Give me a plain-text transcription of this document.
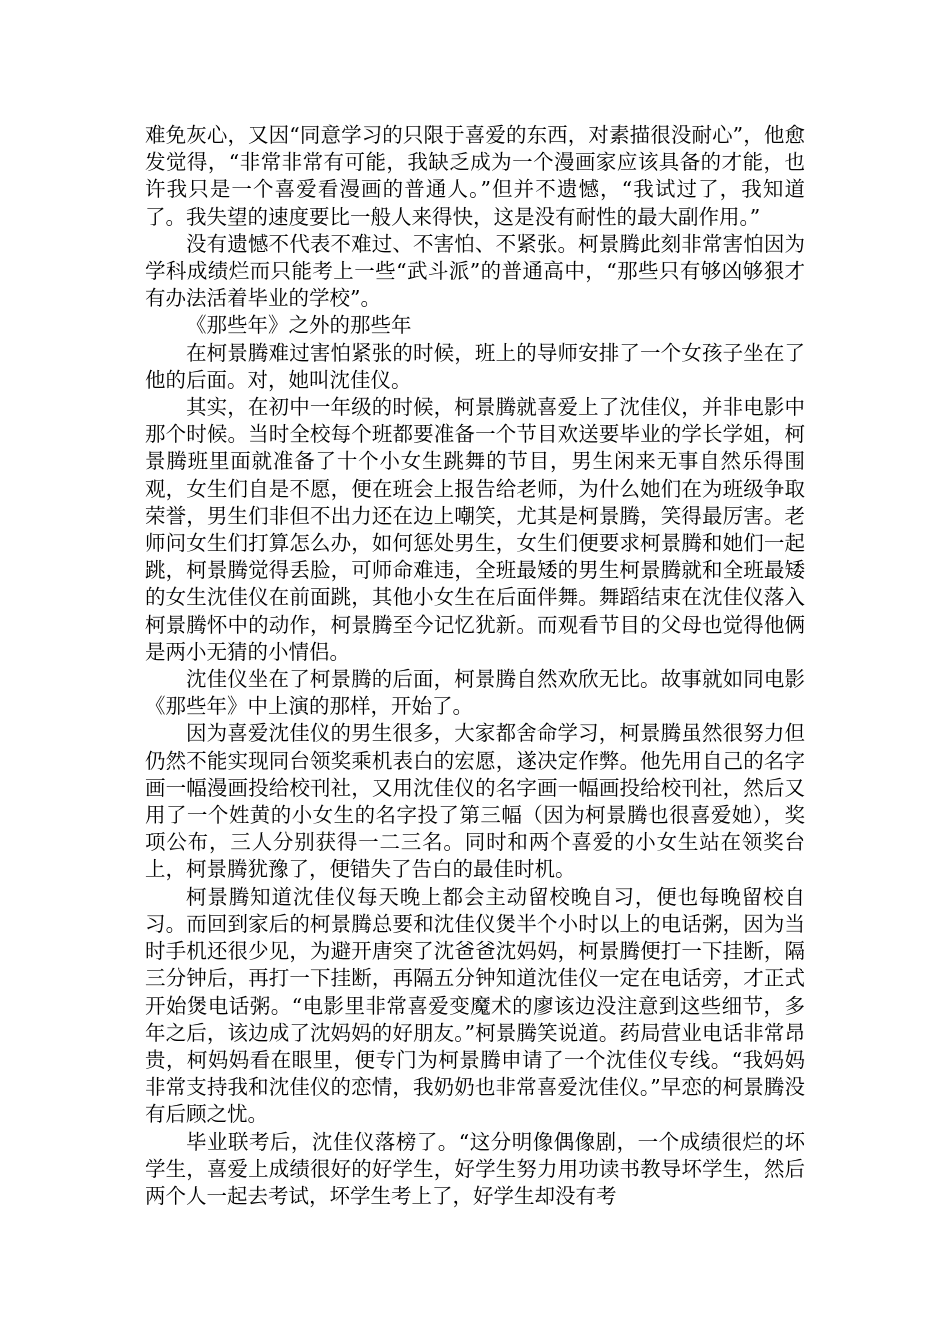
难免灰心，又因“同意学习的只限于喜爱的东西，对素描很没耐心”，他愈发觉得，“非常非常有可能，我缺乏成为一个漫画家应该具备的才能，也许我只是一个喜爱看漫画的普通人。”但并不遗憾，“我试过了，我知道了。我失望的速度要比一般人来得快，这是没有耐性的最大副作用。”

没有遗憾不代表不难过、不害怕、不紧张。柯景腾此刻非常害怕因为学科成绩烂而只能考上一些“武斗派”的普通高中，“那些只有够凶够狠才有办法活着毕业的学校”。

《那些年》之外的那些年

在柯景腾难过害怕紧张的时候，班上的导师安排了一个女孩子坐在了他的后面。对，她叫沈佳仪。

其实，在初中一年级的时候，柯景腾就喜爱上了沈佳仪，并非电影中那个时候。当时全校每个班都要准备一个节目欢送要毕业的学长学姐，柯景腾班里面就准备了十个小女生跳舞的节目，男生闲来无事自然乐得围观，女生们自是不愿，便在班会上报告给老师，为什么她们在为班级争取荣誉，男生们非但不出力还在边上嘲笑，尤其是柯景腾，笑得最厉害。老师问女生们打算怎么办，如何惩处男生，女生们便要求柯景腾和她们一起跳，柯景腾觉得丢脸，可师命难违，全班最矮的男生柯景腾就和全班最矮的女生沈佳仪在前面跳，其他小女生在后面伴舞。舞蹈结束在沈佳仪落入柯景腾怀中的动作，柯景腾至今记忆犹新。而观看节目的父母也觉得他俩是两小无猜的小情侣。

沈佳仪坐在了柯景腾的后面，柯景腾自然欢欣无比。故事就如同电影《那些年》中上演的那样，开始了。

因为喜爱沈佳仪的男生很多，大家都舍命学习，柯景腾虽然很努力但仍然不能实现同台领奖乘机表白的宏愿，遂决定作弊。他先用自己的名字画一幅漫画投给校刊社，又用沈佳仪的名字画一幅画投给校刊社，然后又用了一个姓黄的小女生的名字投了第三幅（因为柯景腾也很喜爱她），奖项公布，三人分别获得一二三名。同时和两个喜爱的小女生站在领奖台上，柯景腾犹豫了，便错失了告白的最佳时机。

柯景腾知道沈佳仪每天晚上都会主动留校晚自习，便也每晚留校自习。而回到家后的柯景腾总要和沈佳仪煲半个小时以上的电话粥，因为当时手机还很少见，为避开唐突了沈爸爸沈妈妈，柯景腾便打一下挂断，隔三分钟后，再打一下挂断，再隔五分钟知道沈佳仪一定在电话旁，才正式开始煲电话粥。“电影里非常喜爱变魔术的廖该边没注意到这些细节，多年之后，该边成了沈妈妈的好朋友。”柯景腾笑说道。药局营业电话非常昂贵，柯妈妈看在眼里，便专门为柯景腾申请了一个沈佳仪专线。“我妈妈非常支持我和沈佳仪的恋情，我奶奶也非常喜爱沈佳仪。”早恋的柯景腾没有后顾之忧。

毕业联考后，沈佳仪落榜了。“这分明像偶像剧，一个成绩很烂的坏学生，喜爱上成绩很好的好学生，好学生努力用功读书教导坏学生，然后两个人一起去考试，坏学生考上了，好学生却没有考
